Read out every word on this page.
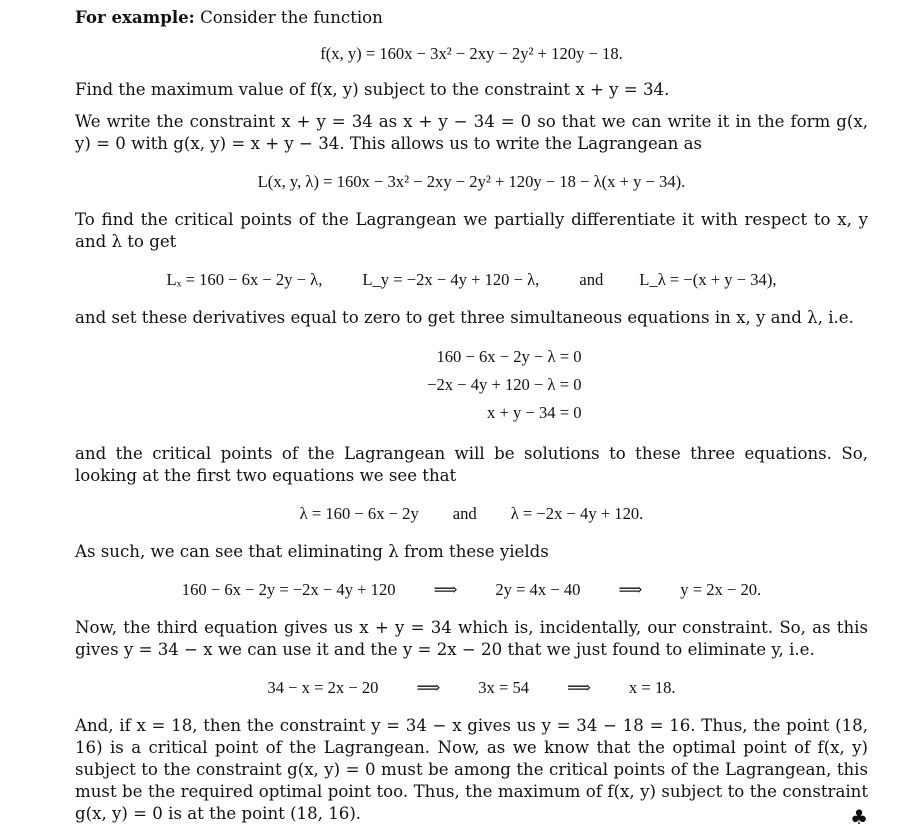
For example: Consider the function

f(x, y) = 160x − 3x² − 2xy − 2y² + 120y − 18.

Find the maximum value of f(x, y) subject to the constraint x + y = 34.

We write the constraint x + y = 34 as x + y − 34 = 0 so that we can write it in the form g(x, y) = 0 with g(x, y) = x + y − 34. This allows us to write the Lagrangean as

L(x, y, λ) = 160x − 3x² − 2xy − 2y² + 120y − 18 − λ(x + y − 34).

To find the critical points of the Lagrangean we partially differentiate it with respect to x, y and λ to get

Lₓ = 160 − 6x − 2y − λ, L_y = −2x − 4y + 120 − λ, and L_λ = −(x + y − 34),

and set these derivatives equal to zero to get three simultaneous equations in x, y and λ, i.e.

160 − 6x − 2y − λ = 0
−2x − 4y + 120 − λ = 0
x + y − 34 = 0

and the critical points of the Lagrangean will be solutions to these three equations. So, looking at the first two equations we see that

λ = 160 − 6x − 2y and λ = −2x − 4y + 120.

As such, we can see that eliminating λ from these yields

160 − 6x − 2y = −2x − 4y + 120 ⟹ 2y = 4x − 40 ⟹ y = 2x − 20.

Now, the third equation gives us x + y = 34 which is, incidentally, our constraint. So, as this gives y = 34 − x we can use it and the y = 2x − 20 that we just found to eliminate y, i.e.

34 − x = 2x − 20 ⟹ 3x = 54 ⟹ x = 18.

And, if x = 18, then the constraint y = 34 − x gives us y = 34 − 18 = 16. Thus, the point (18, 16) is a critical point of the Lagrangean. Now, as we know that the optimal point of f(x, y) subject to the constraint g(x, y) = 0 must be among the critical points of the Lagrangean, this must be the required optimal point too. Thus, the maximum of f(x, y) subject to the constraint g(x, y) = 0 is at the point (18, 16).	♣
